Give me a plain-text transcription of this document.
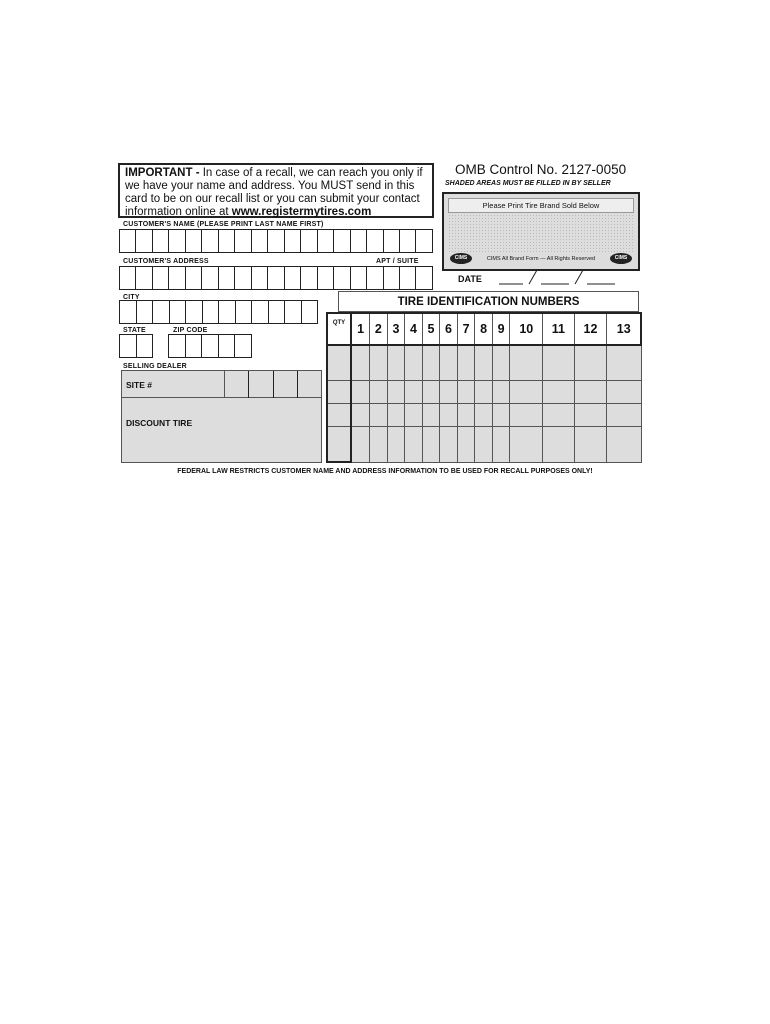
IMPORTANT - In case of a recall, we can reach you only if
we have your name and address. You MUST send in this
card to be on our recall list or you can submit your contact
information online at www.registermytires.com
CUSTOMER'S NAME (PLEASE PRINT LAST NAME FIRST)
CUSTOMER'S ADDRESS	APT / SUITE
CITY
STATE	ZIP CODE
SELLING DEALER
SITE #
DISCOUNT TIRE
OMB Control No. 2127-0050
SHADED AREAS MUST BE FILLED IN BY SELLER
Please Print Tire Brand Sold Below
CIMS	CIMS All Brand Form — All Rights Reserved	CIMS
DATE
TIRE IDENTIFICATION NUMBERS
QTY	1	2	3	4	5	6	7	8	9	10	11	12	13

FEDERAL LAW RESTRICTS CUSTOMER NAME AND ADDRESS INFORMATION TO BE USED FOR RECALL PURPOSES ONLY!
